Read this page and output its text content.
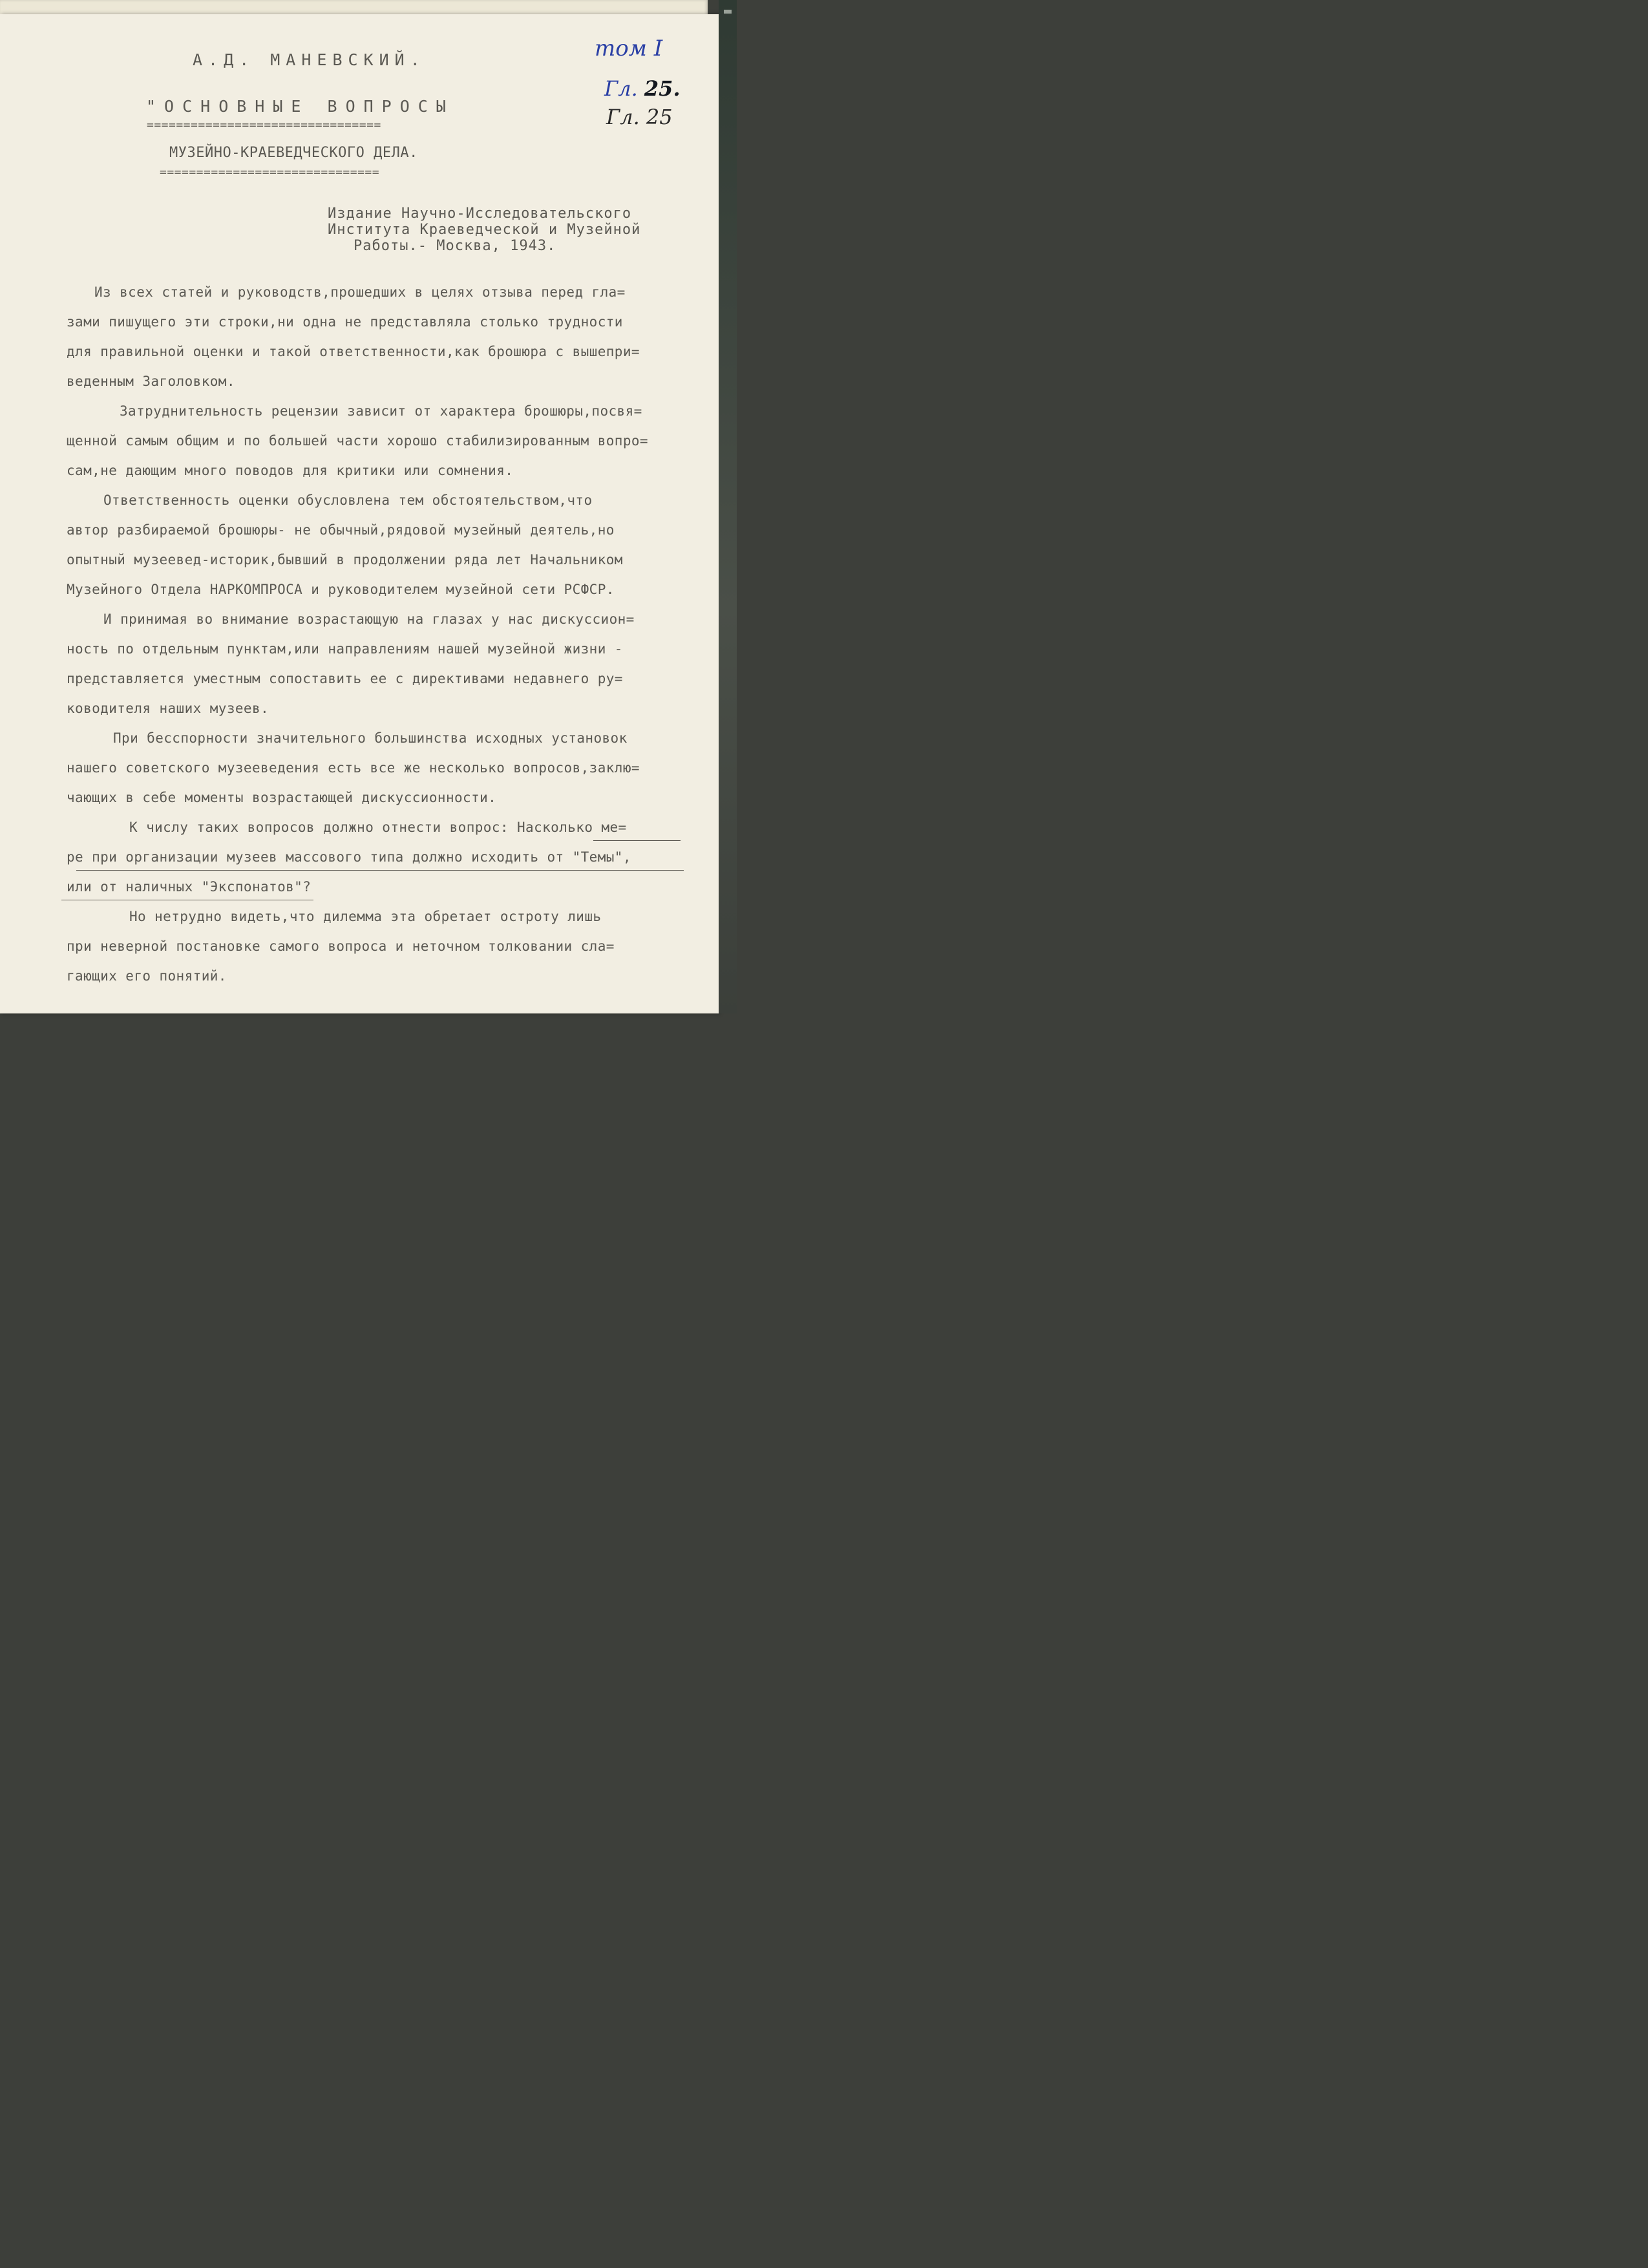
А.Д. МАНЕВСКИЙ.
"ОСНОВНЫЕ ВОПРОСЫ
================================
МУЗЕЙНО-КРАЕВЕДЧЕСКОГО ДЕЛА.
==============================
том I
Гл. 25.
Гл. 25
Издание Научно-Исследовательского
Института Краеведческой и Музейной
Работы.- Москва, 1943.
Из всех статей и руководств,прошедших в целях отзыва перед гла=
зами пишущего эти строки,ни одна не представляла столько трудности
для правильной оценки и такой ответственности,как брошюра с вышепри=
веденным Заголовком.
Затруднительность рецензии зависит от характера брошюры,посвя=
щенной самым общим и по большей части хорошо стабилизированным вопро=
сам,не дающим много поводов для критики или сомнения.
Ответственность оценки обусловлена тем обстоятельством,что
автор разбираемой брошюры- не обычный,рядовой музейный деятель,но
опытный музеевед-историк,бывший в продолжении ряда лет Начальником
Музейного Отдела НАРКОМПРОСА и руководителем музейной сети РСФСР.
И принимая во внимание возрастающую на глазах у нас дискуссион=
ность по отдельным пунктам,или направлениям нашей музейной жизни -
представляется уместным сопоставить ее с директивами недавнего ру=
ководителя наших музеев.
При бесспорности значительного большинства исходных установок
нашего советского музееведения есть все же несколько вопросов,заклю=
чающих в себе моменты возрастающей дискуссионности.
К числу таких вопросов должно отнести вопрос: Насколько ме=
ре при организации музеев массового типа должно исходить от "Темы",
или от наличных "Экспонатов"?
Но нетрудно видеть,что дилемма эта обретает остроту лишь
при неверной постановке самого вопроса и неточном толковании сла=
гающих его понятий.
